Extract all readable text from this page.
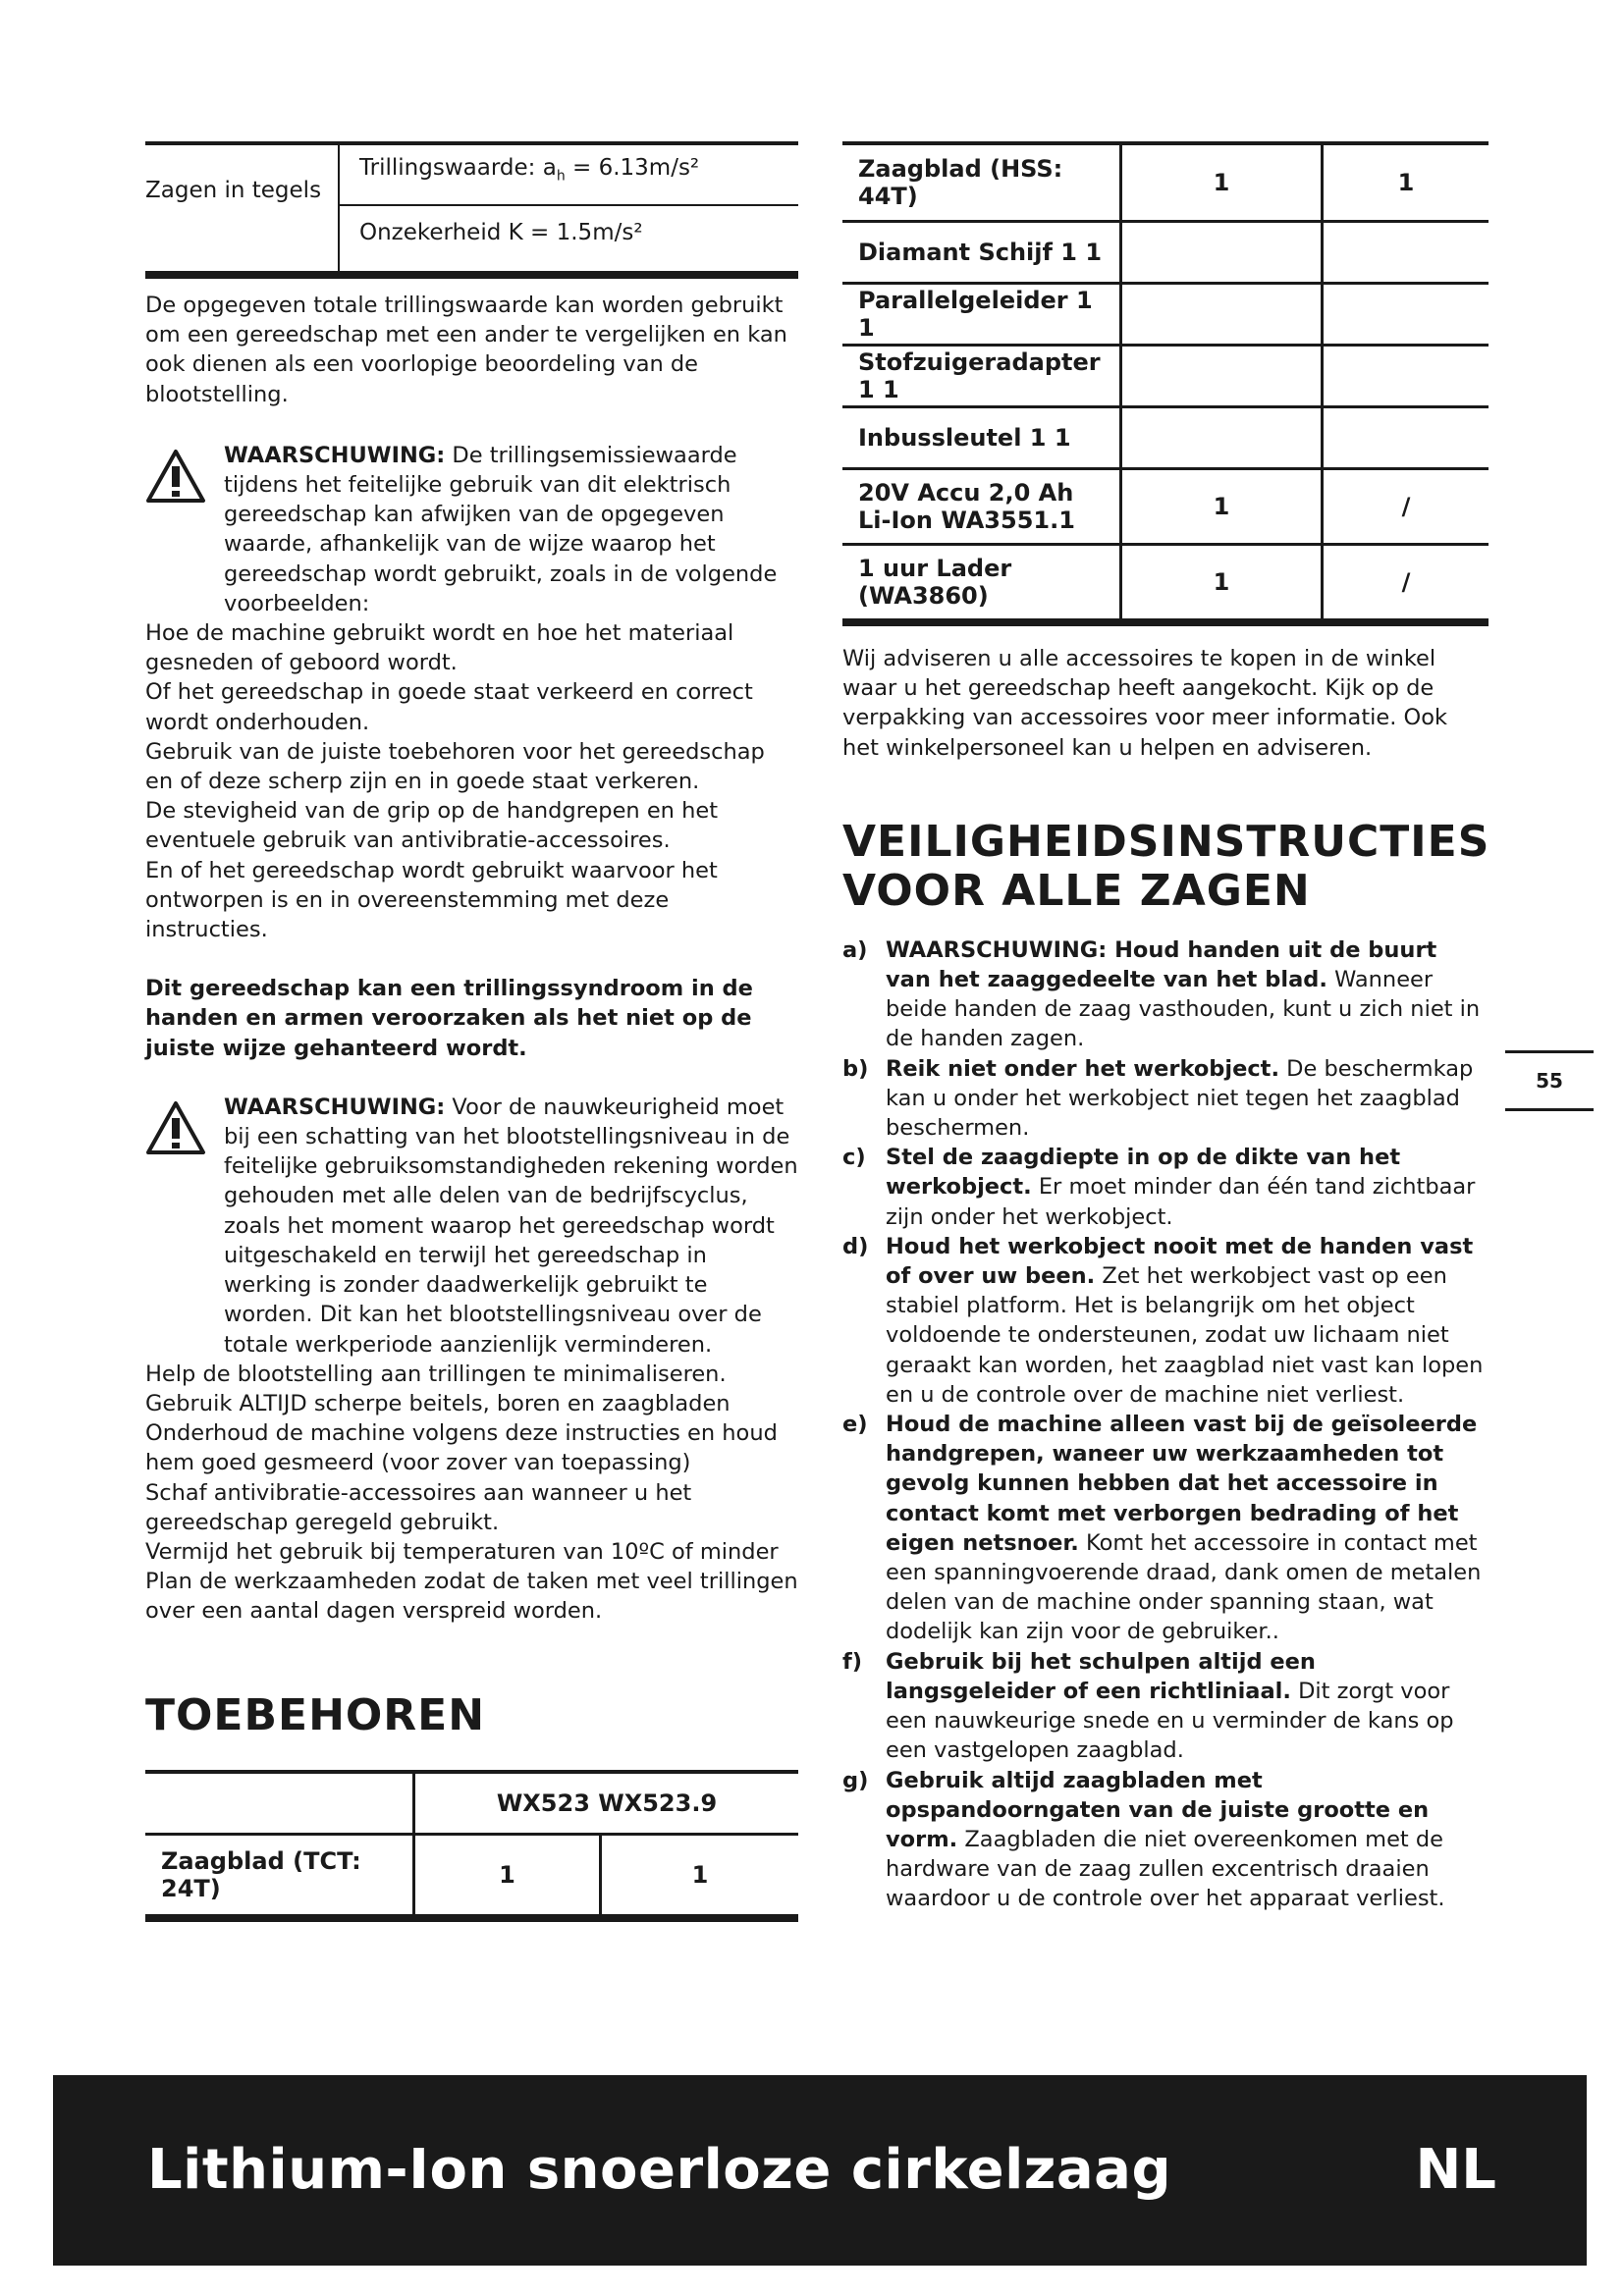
Zagen in tegels
Trillingswaarde: $a_h = 6.13m/s^2$
Onzekerheid K = 1.5m/s²

De opgegeven totale trillingswaarde kan worden gebruikt om een gereedschap met een ander te vergelijken en kan ook dienen als een voorlopige beoordeling van de blootstelling.

WAARSCHUWING: De trillingsemissiewaarde tijdens het feitelijke gebruik van dit elektrisch gereedschap kan afwijken van de opgegeven waarde, afhankelijk van de wijze waarop het gereedschap wordt gebruikt, zoals in de volgende voorbeelden:

Hoe de machine gebruikt wordt en hoe het materiaal gesneden of geboord wordt.

Of het gereedschap in goede staat verkeerd en correct wordt onderhouden.

Gebruik van de juiste toebehoren voor het gereedschap en of deze scherp zijn en in goede staat verkeren.

De stevigheid van de grip op de handgrepen en het eventuele gebruik van antivibratie-accessoires.

En of het gereedschap wordt gebruikt waarvoor het ontworpen is en in overeenstemming met deze instructies.

Dit gereedschap kan een trillingssyndroom in de handen en armen veroorzaken als het niet op de juiste wijze gehanteerd wordt.

WAARSCHUWING: Voor de nauwkeurigheid moet bij een schatting van het blootstellingsniveau in de feitelijke gebruiksomstandigheden rekening worden gehouden met alle delen van de bedrijfscyclus, zoals het moment waarop het gereedschap wordt uitgeschakeld en terwijl het gereedschap in werking is zonder daadwerkelijk gebruikt te worden. Dit kan het blootstellingsniveau over de totale werkperiode aanzienlijk verminderen.

Help de blootstelling aan trillingen te minimaliseren.

Gebruik ALTIJD scherpe beitels, boren en zaagbladen

Onderhoud de machine volgens deze instructies en houd hem goed gesmeerd (voor zover van toepassing)

Schaf antivibratie-accessoires aan wanneer u het gereedschap geregeld gebruikt.

Vermijd het gebruik bij temperaturen van 10ºC of minder

Plan de werkzaamheden zodat de taken met veel trillingen over een aantal dagen verspreid worden.

TOEBEHOREN
	WX523 WX523.9	
Zaagblad (TCT: 24T)	1	1
Zaagblad (HSS: 44T)	1	1
Diamant Schijf 1 1		
Parallelgeleider 1 1		
Stofzuigeradapter 1 1		
Inbussleutel 1 1		
20V Accu 2,0 Ah Li-Ion WA3551.1	1	/
1 uur Lader (WA3860)	1	/

Wij adviseren u alle accessoires te kopen in de winkel waar u het gereedschap heeft aangekocht. Kijk op de verpakking van accessoires voor meer informatie. Ook het winkelpersoneel kan u helpen en adviseren.

VEILIGHEIDSINSTRUCTIES VOOR ALLE ZAGEN

a) WAARSCHUWING: Houd handen uit de buurt van het zaaggedeelte van het blad. Wanneer beide handen de zaag vasthouden, kunt u zich niet in de handen zagen.

b) Reik niet onder het werkobject. De beschermkap kan u onder het werkobject niet tegen het zaagblad beschermen.

c) Stel de zaagdiepte in op de dikte van het werkobject. Er moet minder dan één tand zichtbaar zijn onder het werkobject.

d) Houd het werkobject nooit met de handen vast of over uw been. Zet het werkobject vast op een stabiel platform. Het is belangrijk om het object voldoende te ondersteunen, zodat uw lichaam niet geraakt kan worden, het zaagblad niet vast kan lopen en u de controle over de machine niet verliest.

e) Houd de machine alleen vast bij de geïsoleerde handgrepen, waneer uw werkzaamheden tot gevolg kunnen hebben dat het accessoire in contact komt met verborgen bedrading of het eigen netsnoer. Komt het accessoire in contact met een spanningvoerende draad, dank omen de metalen delen van de machine onder spanning staan, wat dodelijk kan zijn voor de gebruiker..

f) Gebruik bij het schulpen altijd een langsgeleider of een richtliniaal. Dit zorgt voor een nauwkeurige snede en u verminder de kans op een vastgelopen zaagblad.

g) Gebruik altijd zaagbladen met opspandoorngaten van de juiste grootte en vorm. Zaagbladen die niet overeenkomen met de hardware van de zaag zullen excentrisch draaien waardoor u de controle over het apparaat verliest.

55
Lithium-Ion snoerloze cirkelzaag	NL
